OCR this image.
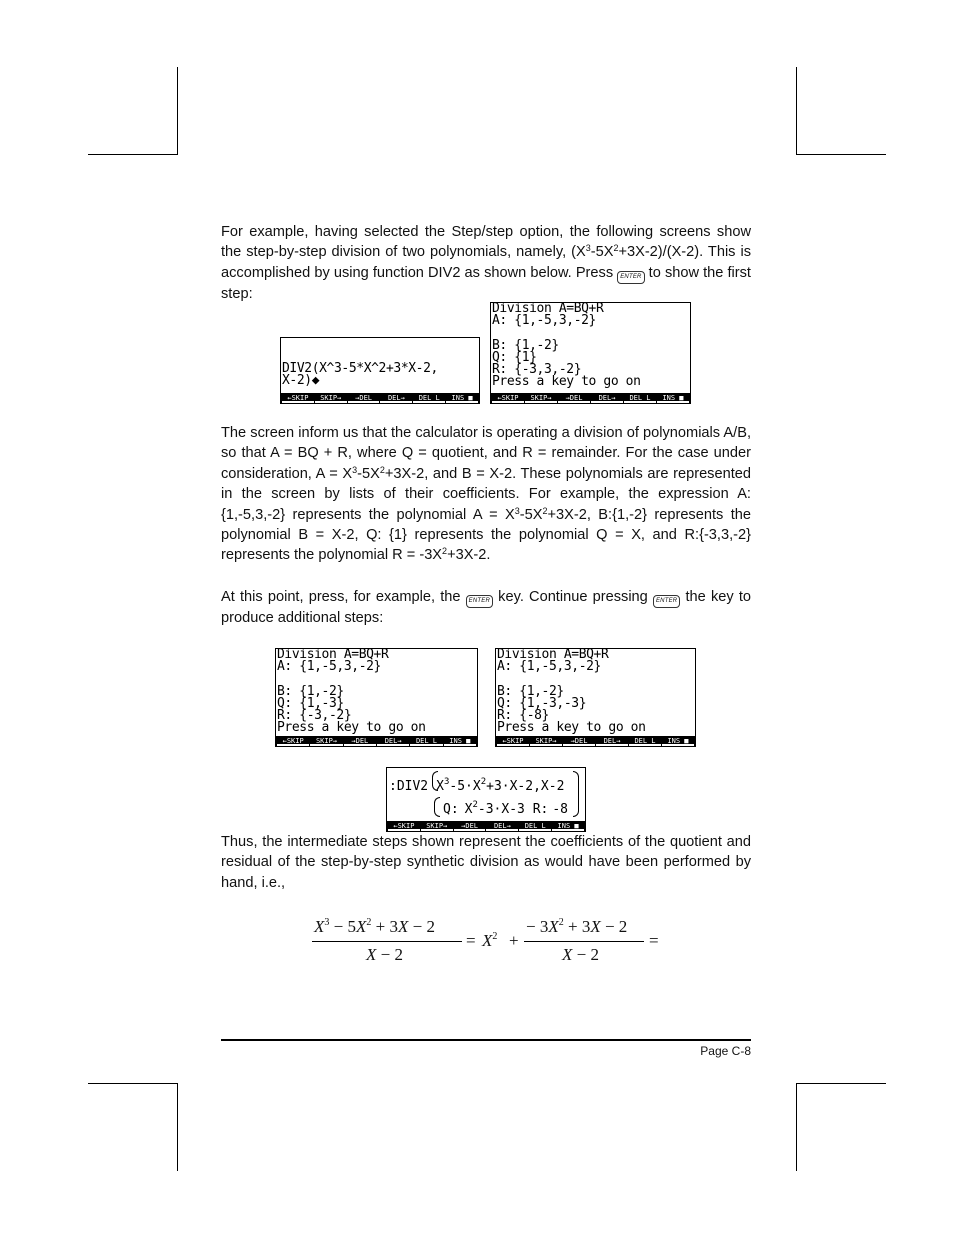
For example, having selected the Step/step option, the following screens show the step-by-step division of two polynomials, namely, $(X^3-5X^2+3X-2)/(X-2)$. This is accomplished by using function DIV2 as shown below. Press ENTER to show the first step:

DIV2(X^3-5*X^2+3*X-2,
X-2)◆
←SKIP	SKIP→	→DEL	DEL→	DEL L	INS ■
Division A=BQ+R
A: {1,-5,3,-2}
B: {1,-2}
Q: {1}
R: {-3,3,-2}
Press a key to go on
←SKIP	SKIP→	→DEL	DEL→	DEL L	INS ■

The screen inform us that the calculator is operating a division of polynomials A/B, so that A = BQ + R, where Q = quotient, and R = remainder. For the case under consideration, $A = X^3-5X^2+3X-2$, and B = X-2. These polynomials are represented in the screen by lists of their coefficients. For example, the expression A: {1,-5,3,-2} represents the polynomial $A = X^3-5X^2+3X-2$, B:{1,-2} represents the polynomial B = X-2, Q: {1} represents the polynomial Q = X, and R:{-3,3,-2} represents the polynomial $R = -3X^2+3X-2$.

At this point, press, for example, the ENTER key. Continue pressing ENTER the key to produce additional steps:

Division A=BQ+R
A: {1,-5,3,-2}
B: {1,-2}
Q: {1,-3}
R: {-3,-2}
Press a key to go on
←SKIP	SKIP→	→DEL	DEL→	DEL L	INS ■
Division A=BQ+R
A: {1,-5,3,-2}
B: {1,-2}
Q: {1,-3,-3}
R: {-8}
Press a key to go on
←SKIP	SKIP→	→DEL	DEL→	DEL L	INS ■
:DIV2 $X^3-5\cdot X^2+3\cdot X-2,X-2$
Q: $X^2-3\cdot X-3$ R: -8
←SKIP	SKIP→	→DEL	DEL→	DEL L	INS ■

Thus, the intermediate steps shown represent the coefficients of the quotient and residual of the step-by-step synthetic division as would have been performed by hand, i.e.,

$X^3 - 5X^2 + 3X - 2$
X − 2
= $X^2$ +
− $3X^2 + 3X - 2$
X − 2
=
Page C-8
